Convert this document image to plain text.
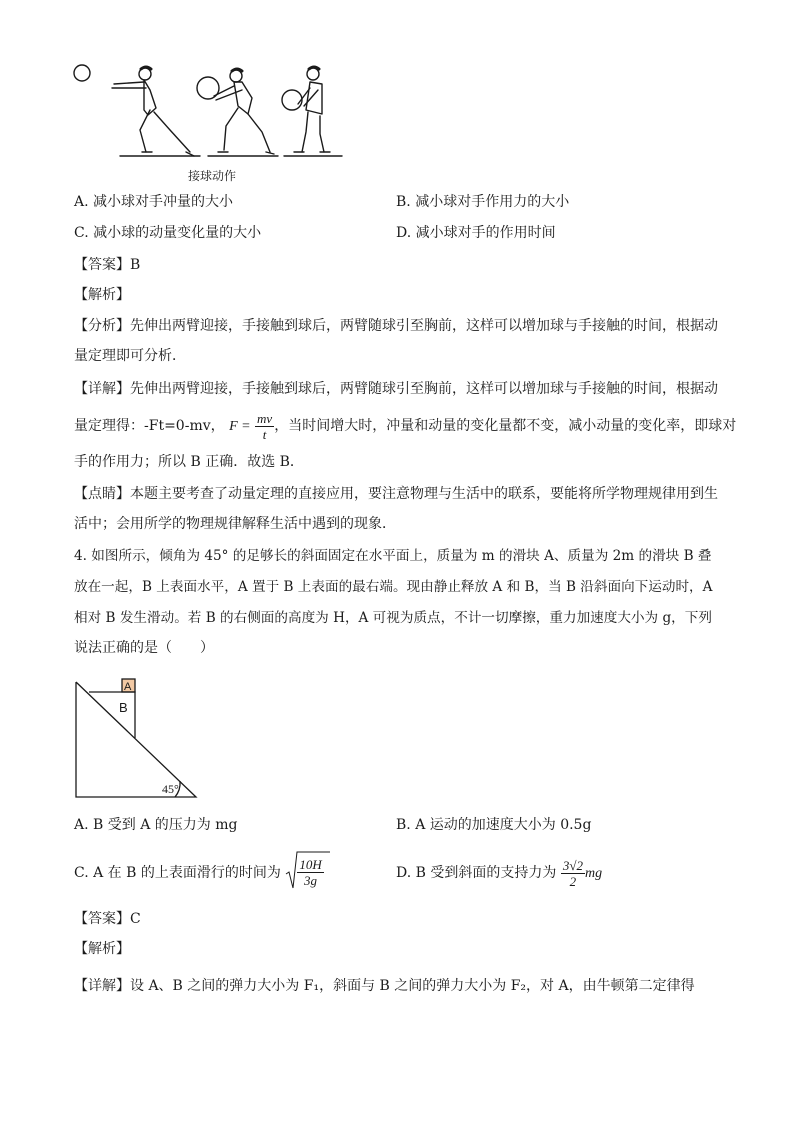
接球动作
A. 减小球对手冲量的大小	B. 减小球对手作用力的大小
C. 减小球的动量变化量的大小	D. 减小球对手的作用时间
【答案】B
【解析】
【分析】先伸出两臂迎接，手接触到球后，两臂随球引至胸前，这样可以增加球与手接触的时间，根据动
量定理即可分析．
【详解】先伸出两臂迎接，手接触到球后，两臂随球引至胸前，这样可以增加球与手接触的时间，根据动
量定理得：-Ft=0-mv， $F = \frac{mv}{t}$ ，当时间增大时，冲量和动量的变化量都不变，减小动量的变化率，即球对
手的作用力；所以 B 正确．故选 B．
【点睛】本题主要考查了动量定理的直接应用，要注意物理与生活中的联系，要能将所学物理规律用到生
活中；会用所学的物理规律解释生活中遇到的现象．
4. 如图所示，倾角为 45° 的足够长的斜面固定在水平面上，质量为 m 的滑块 A、质量为 2m 的滑块 B 叠
放在一起，B 上表面水平，A 置于 B 上表面的最右端。现由静止释放 A 和 B，当 B 沿斜面向下运动时，A
相对 B 发生滑动。若 B 的右侧面的高度为 H，A 可视为质点，不计一切摩擦，重力加速度大小为 g，下列
说法正确的是（　　）
A
B
45°
A. B 受到 A 的压力为 mg	B. A 运动的加速度大小为 0.5g
C. A 在 B 的上表面滑行的时间为 $\frac{10H}{3g}$	D. B 受到斜面的支持力为 $\frac{3√2}{2}$ mg
【答案】C
【解析】
【详解】设 A、B 之间的弹力大小为 F₁，斜面与 B 之间的弹力大小为 F₂，对 A，由牛顿第二定律得
